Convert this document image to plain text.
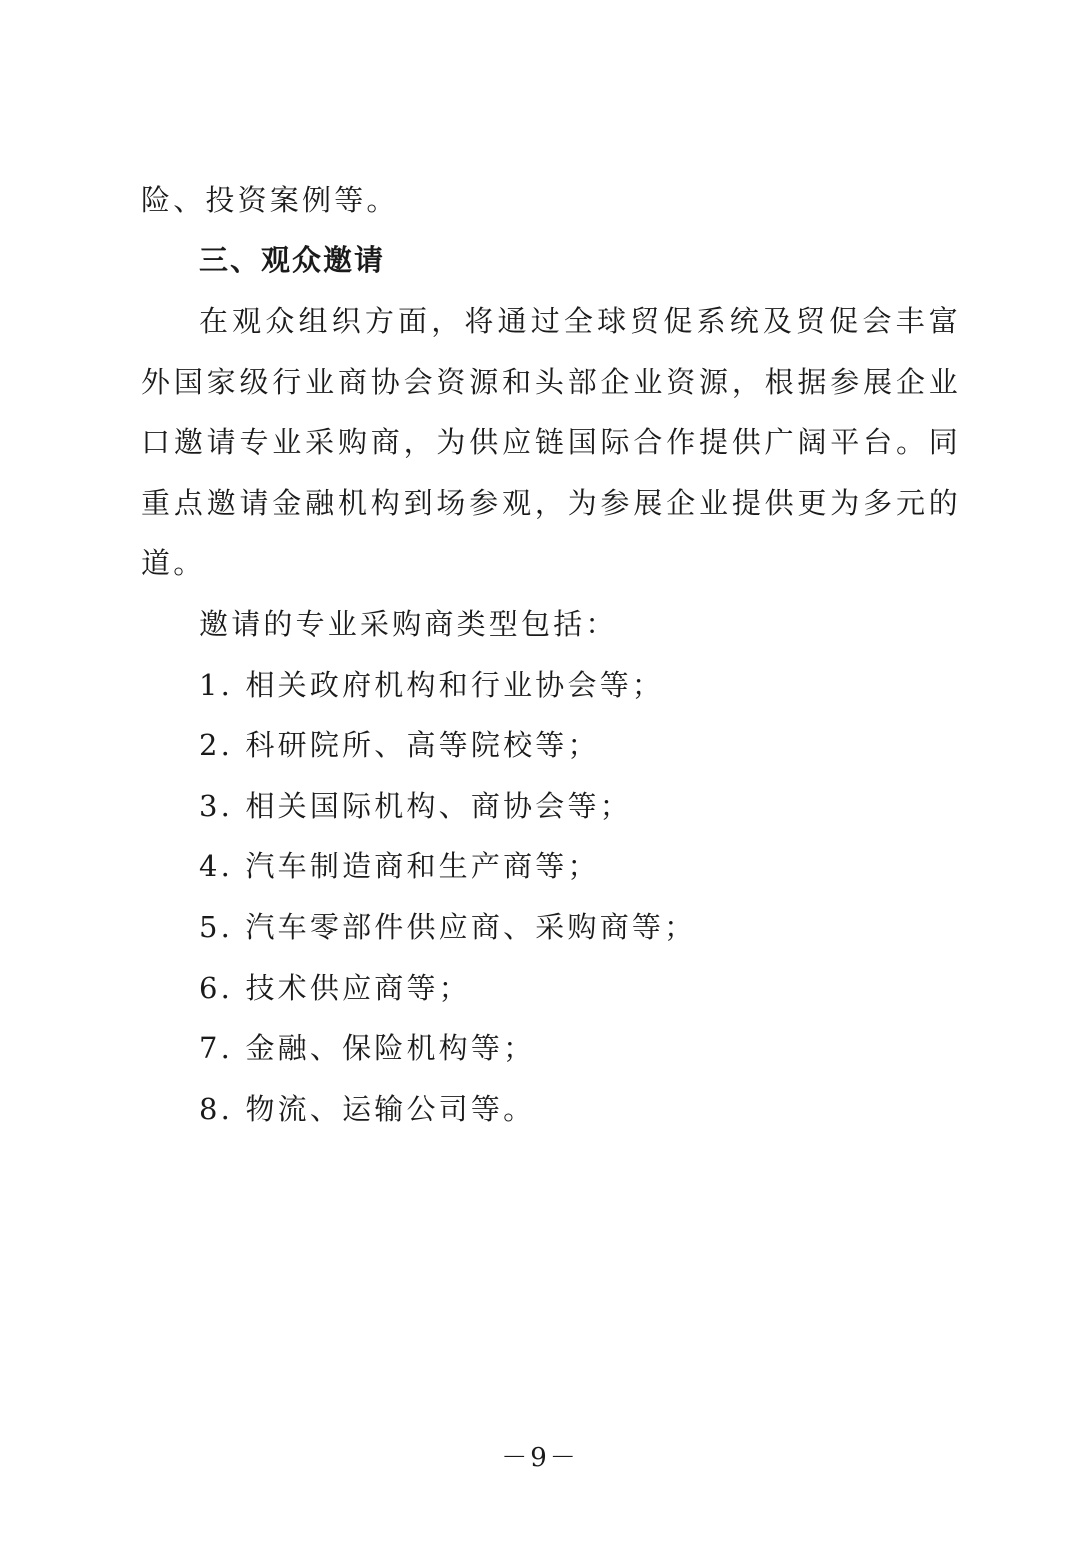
险、投资案例等。
三、观众邀请
在观众组织方面，将通过全球贸促系统及贸促会丰富
外国家级行业商协会资源和头部企业资源，根据参展企业
口邀请专业采购商，为供应链国际合作提供广阔平台。同
重点邀请金融机构到场参观，为参展企业提供更为多元的
道。
邀请的专业采购商类型包括：
1. 相关政府机构和行业协会等；
2. 科研院所、高等院校等；
3. 相关国际机构、商协会等；
4. 汽车制造商和生产商等；
5. 汽车零部件供应商、采购商等；
6. 技术供应商等；
7. 金融、保险机构等；
8. 物流、运输公司等。
－9－
